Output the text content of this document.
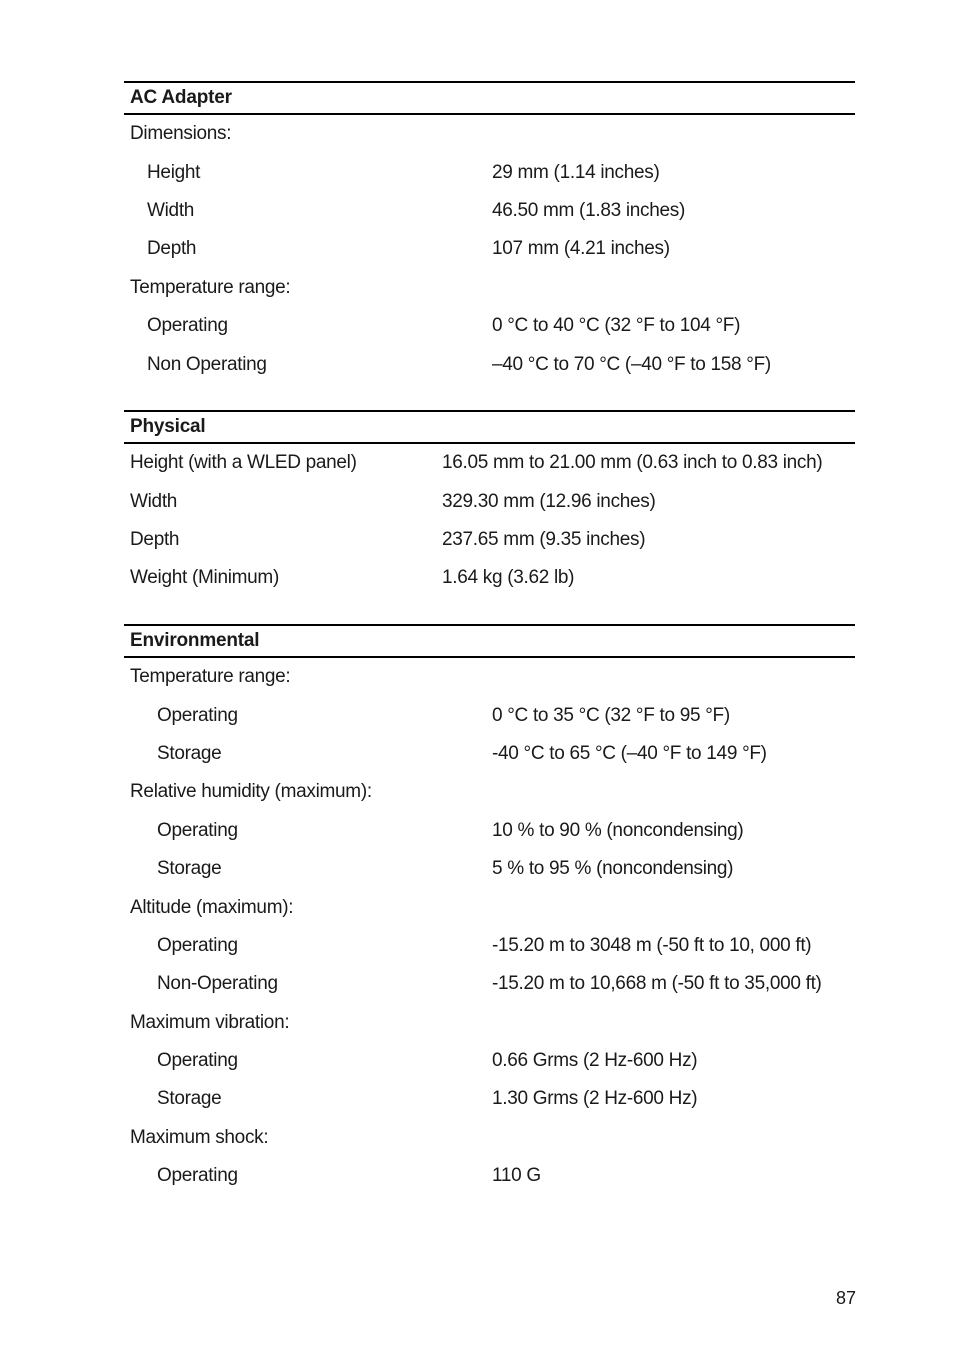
AC Adapter
Dimensions:
Height	29 mm (1.14 inches)
Width	46.50 mm (1.83 inches)
Depth	107 mm (4.21 inches)
Temperature range:
Operating	0 °C to 40 °C (32 °F to 104 °F)
Non Operating	–40 °C to 70 °C (–40 °F to 158 °F)
Physical
Height (with a WLED panel)	16.05 mm to 21.00 mm (0.63 inch to 0.83 inch)
Width	329.30 mm (12.96 inches)
Depth	237.65 mm (9.35 inches)
Weight (Minimum)	1.64 kg (3.62 lb)
Environmental
Temperature range:
Operating	0 °C to 35 °C (32 °F to 95 °F)
Storage	-40 °C to 65 °C (–40 °F to 149 °F)
Relative humidity (maximum):
Operating	10 % to 90 % (noncondensing)
Storage	5 % to 95 % (noncondensing)
Altitude (maximum):
Operating	-15.20 m to 3048 m (-50 ft to 10, 000 ft)
Non-Operating	-15.20 m to 10,668 m (-50 ft to 35,000 ft)
Maximum vibration:
Operating	0.66 Grms (2 Hz-600 Hz)
Storage	1.30 Grms (2 Hz-600 Hz)
Maximum shock:
Operating	110 G
87
